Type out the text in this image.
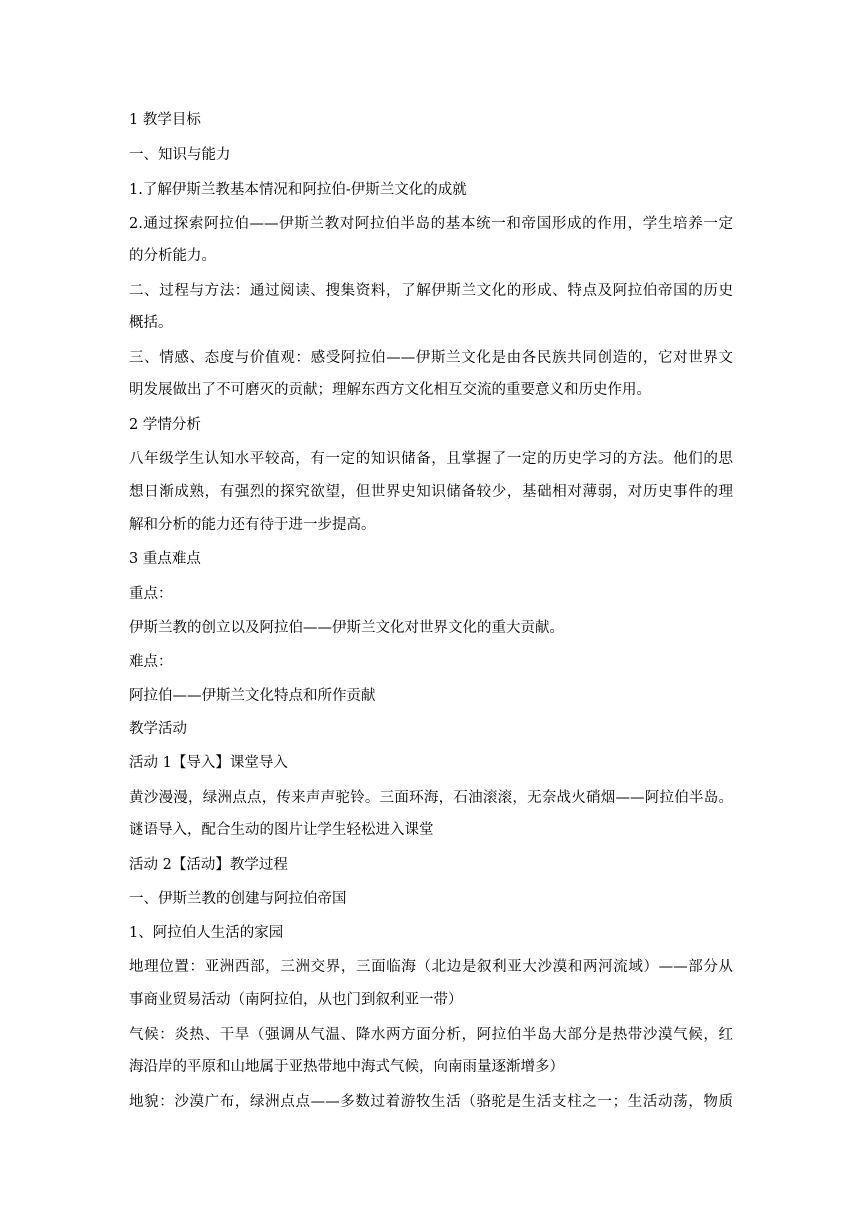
1 教学目标
一、知识与能力
1.了解伊斯兰教基本情况和阿拉伯-伊斯兰文化的成就
2.通过探索阿拉伯——伊斯兰教对阿拉伯半岛的基本统一和帝国形成的作用，学生培养一定
的分析能力。
二、过程与方法：通过阅读、搜集资料，了解伊斯兰文化的形成、特点及阿拉伯帝国的历史
概括。
三、情感、态度与价值观：感受阿拉伯——伊斯兰文化是由各民族共同创造的，它对世界文
明发展做出了不可磨灭的贡献；理解东西方文化相互交流的重要意义和历史作用。
2 学情分析
八年级学生认知水平较高，有一定的知识储备，且掌握了一定的历史学习的方法。他们的思
想日渐成熟，有强烈的探究欲望，但世界史知识储备较少，基础相对薄弱，对历史事件的理
解和分析的能力还有待于进一步提高。
3 重点难点
重点：
伊斯兰教的创立以及阿拉伯——伊斯兰文化对世界文化的重大贡献。
难点：
阿拉伯——伊斯兰文化特点和所作贡献
教学活动
活动 1【导入】课堂导入
黄沙漫漫，绿洲点点，传来声声驼铃。三面环海，石油滚滚，无奈战火硝烟——阿拉伯半岛。
谜语导入，配合生动的图片让学生轻松进入课堂
活动 2【活动】教学过程
一、伊斯兰教的创建与阿拉伯帝国
1、阿拉伯人生活的家园
地理位置：亚洲西部，三洲交界，三面临海（北边是叙利亚大沙漠和两河流域）——部分从
事商业贸易活动（南阿拉伯，从也门到叙利亚一带）
气候：炎热、干旱（强调从气温、降水两方面分析，阿拉伯半岛大部分是热带沙漠气候，红
海沿岸的平原和山地属于亚热带地中海式气候，向南雨量逐渐增多）
地貌：沙漠广布，绿洲点点——多数过着游牧生活（骆驼是生活支柱之一；生活动荡，物质
